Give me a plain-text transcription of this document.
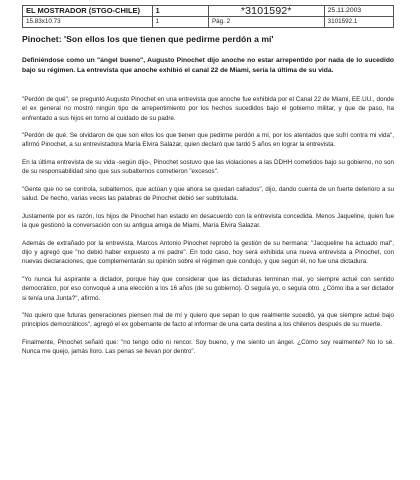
EL MOSTRADOR (STGO-CHILE)	1	*3101592*	25.11.2003
15.83x10.73	1	Pág. 2	3101592.1
Pinochet: 'Son ellos los que tienen que pedirme perdón a mí'

Definiéndose como un "ángel bueno", Augusto Pinochet dijo anoche no estar arrepentido por nada de lo sucedido bajo su régimen. La entrevista que anoche exhibió el canal 22 de Miami, sería la última de su vida.

"Perdón de qué", se preguntó Augusto Pinochet en una entrevista que anoche fue exhibida por el Canal 22 de Miami, EE.UU., donde el ex general no mostró ningún tipo de arrepentimiento por los hechos sucedidos bajo el gobierno militar, y que de paso, ha enfrentado a sus hijos en torno al cuidado de su padre.

"Perdón de qué. Se olvidaron de que son ellos los que tienen que pedirme perdón a mí, por los atentados que sufrí contra mi vida", afirmó Pinochet, a su entrevistadora María Elvira Salazar, quien declaró que tardó 5 años en lograr la entrevista.

En la última entrevista de su vida -según dijo-, Pinochet sostuvo que las violaciones a las DDHH cometidos bajo su gobierno, no son de su responsabilidad sino que sus subalternos cometieron "excesos".

"Gente que no se controla, subalternos, que actúan y que ahora se quedan callados", dijo, dando cuenta de un fuerte deterioro a su salud. De hecho, varias veces las palabras de Pinochet debió ser subtitulada.

Justamente por es razón, los hijos de Pinochet han estado en desacuerdo con la entrevista concedida. Menos Jaqueline, quien fue la que gestionó la conversación con su antigua amiga de Miami, María Elvira Salazar.

Además de extrañado por la entrevista, Marcos Antonio Pinochet reprobó la gestión de su hermana: "Jacqueline ha actuado mal", dijo y agregó que "no debió haber expuesto a mi padre". En todo caso, hoy será exhibida una nueva entrevista a Pinochet, con nuevas declaraciones, que complementarán su opinión sobre el régimen que condujo, y que según él, no fue una dictadura.

"Yo nunca fui aspirante a dictador, porque hay que considerar que las dictaduras terminan mal, yo siempre actué con sentido democrático, por eso convoqué a una elección a los 16 años (de su gobierno). O seguía yo, o seguía otro. ¿Cómo iba a ser dictador si tenía una Junta?", afirmó.

"No quiero que futuras generaciones piensen mal de mí y quiero que sepan lo que realmente sucedió, ya que siempre actué bajo principios democráticos", agregó el ex gobernante de facto al informar de una carta destina a los chilenos después de su muerte.

Finalmente, Pinochet señaló que: "no tengo odio ni rencor. Soy bueno, y me siento un ángel. ¿Cómo soy realmente? No lo sé. Nunca me quejo, jamás lloro. Las penas se llevan por dentro".
